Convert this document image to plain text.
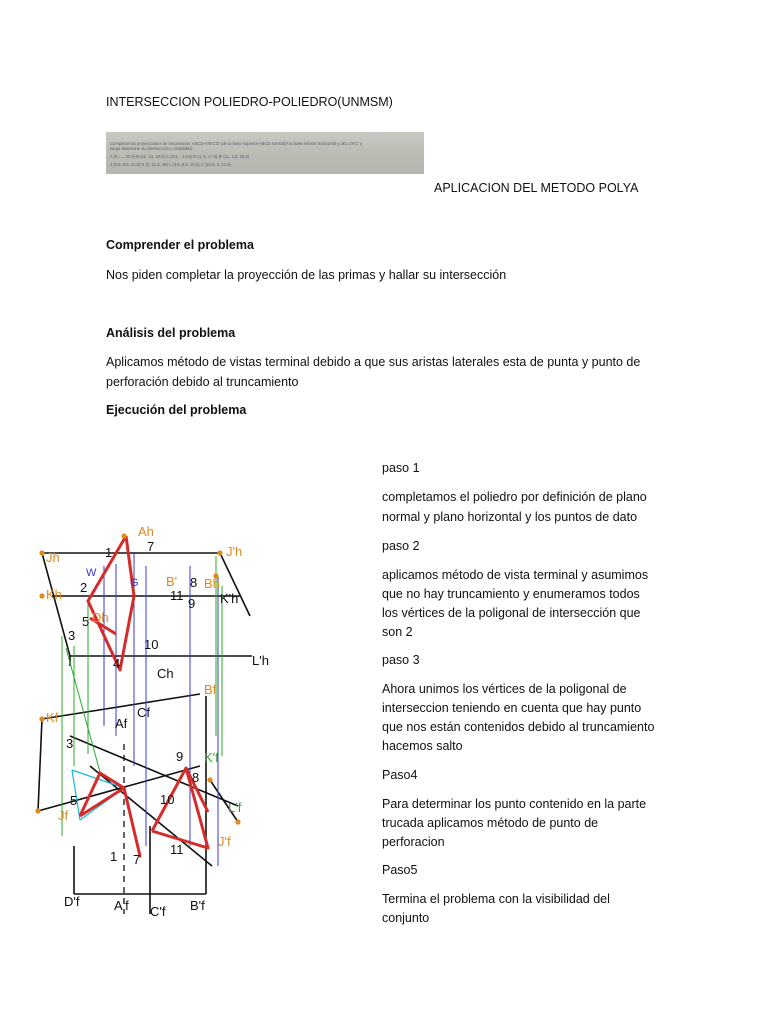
INTERSECCION POLIEDRO-POLIEDRO(UNMSM)
Completar las proyecciones de los prismas: ABCD-A'B'C'D' (de la base superior ABCD normal)? la base inferior horizontal y JKL-J'K'L' y
luego determine su intersección y visibilidad.
A (0 ; ... 22.5) B (11, 13, 19.5) C (8.5, - 14.5) D (4, 8, 17.5) B' (11, 1.5, 15.5)
J (3.5, 5.5, 21.5) K (2, 11.5, 19) L (3.5, 8.5, 15.5) J' (12.5, 3, 21.5)
APLICACION DEL METODO POLYA
Comprender el problema
Nos piden completar la proyección de las primas y hallar su intersección
Análisis del problema
Aplicamos método de vistas terminal debido a que sus aristas laterales esta de punta y punto de
perforación debido al truncamiento
Ejecución del problema
paso 1
completamos el poliedro por definición de plano
normal y plano horizontal y los puntos de dato
paso 2
aplicamos método de vista terminal y asumimos
que no hay truncamiento y enumeramos todos
los vértices de la poligonal de intersección que
son 2
paso 3
Ahora unimos los vértices de la poligonal de
interseccion teniendo en cuenta que hay punto
que nos están contenidos debido al truncamiento
hacemos salto
Paso4
Para determinar los punto contenido en la parte
trucada aplicamos método de punto de
perforacion
Paso5
Termina el problema con la visibilidad del
conjunto
1	7
2
5
3
4
8
11
9
10
Ch
L'h
K'h
Af
Cf
3
9
8
10
5
1 7
11
D'f	A'f C'f B'f
Ah
Jh	J'h
Bh
B'
Dh
Kh
Bf
Kf
Jf
J'f
K'f
L'f
G
W
